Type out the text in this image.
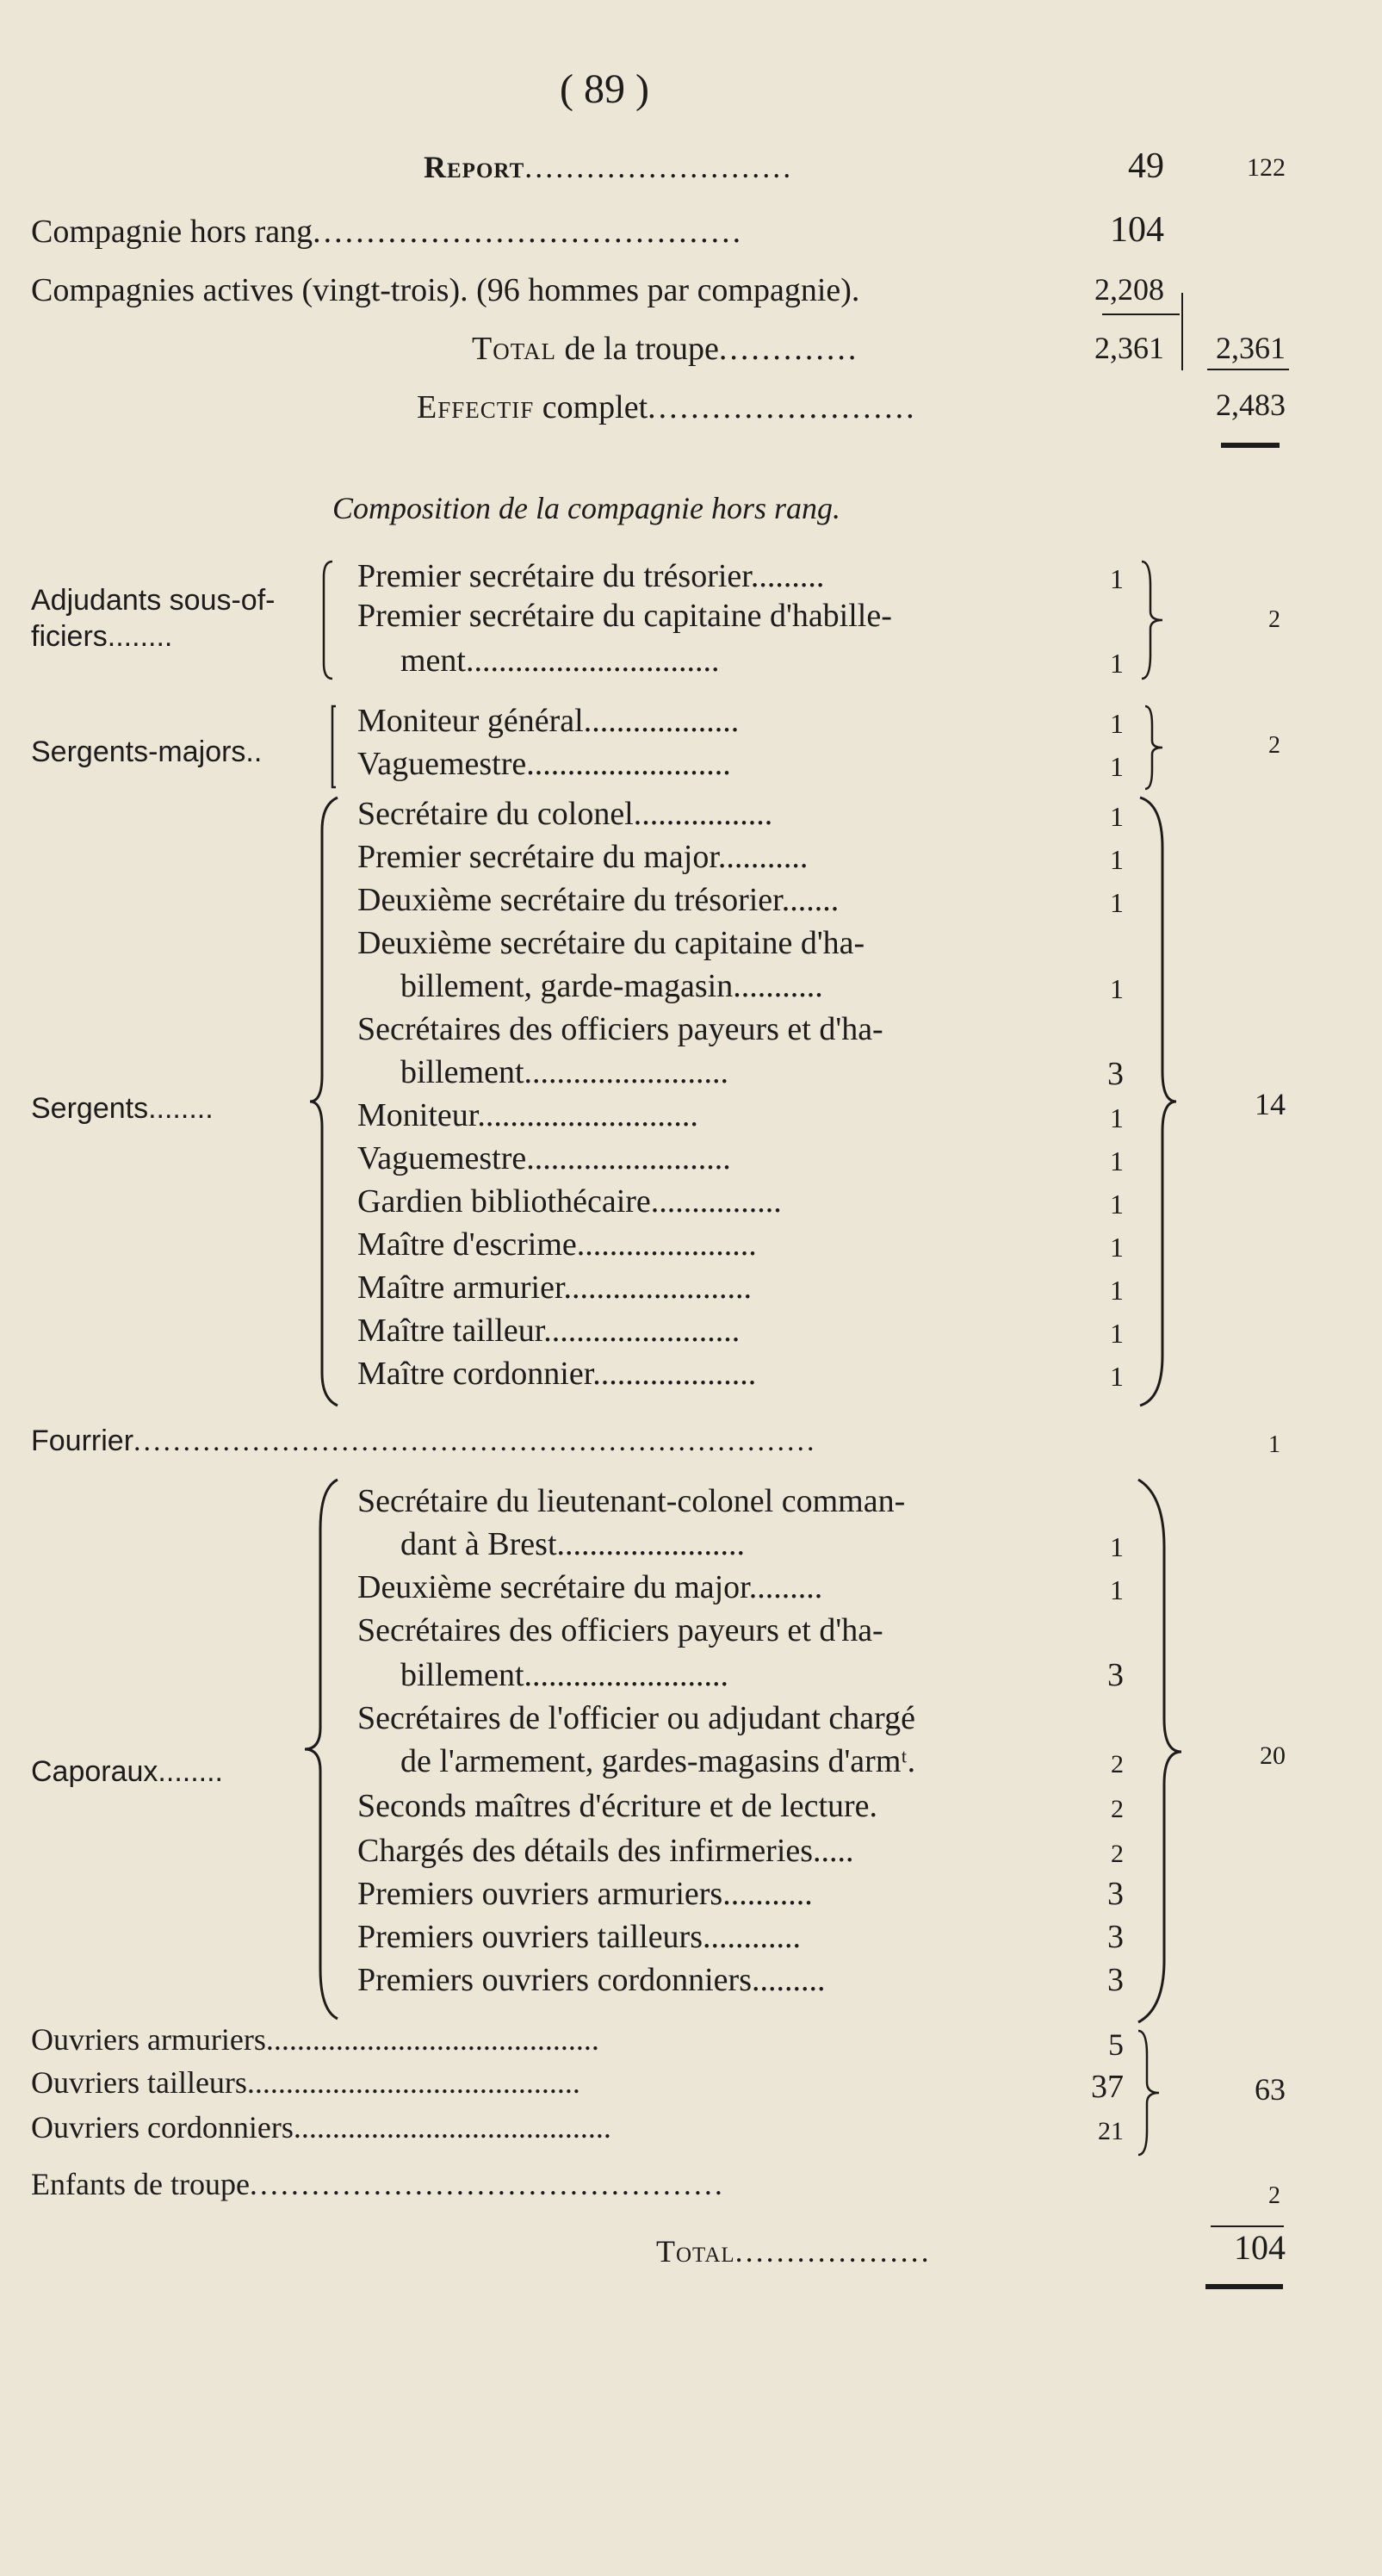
( 89 )
Report..........................	49	122
Compagnie hors rang........................................	104
Compagnies actives (vingt-trois). (96 hommes par compagnie).	2,208
Total de la troupe.............	2,361 2,361
Effectif complet.........................	2,483
Composition de la compagnie hors rang.
Adjudants sous-of-
ficiers........
Premier secrétaire du trésorier.........	1
Premier secrétaire du capitaine d'habille-
ment...............................	1
2
Sergents-majors..
Moniteur général...................	1
Vaguemestre.........................	1
2
Sergents........
Secrétaire du colonel.................	1
Premier secrétaire du major...........	1
Deuxième secrétaire du trésorier.......	1
Deuxième secrétaire du capitaine d'ha-
billement, garde-magasin...........	1
Secrétaires des officiers payeurs et d'ha-
billement.........................	3
Moniteur...........................	1
Vaguemestre.........................	1
Gardien bibliothécaire................	1
Maître d'escrime......................	1
Maître armurier.......................	1
Maître tailleur........................	1
Maître cordonnier....................	1
14
Fourrier.....................................................................	1
Caporaux........
Secrétaire du lieutenant-colonel comman-
dant à Brest.......................	1
Deuxième secrétaire du major.........	1
Secrétaires des officiers payeurs et d'ha-
billement.........................	3
Secrétaires de l'officier ou adjudant chargé
de l'armement, gardes-magasins d'armᵗ.	2
Seconds maîtres d'écriture et de lecture.	2
Chargés des détails des infirmeries.....	2
Premiers ouvriers armuriers...........	3
Premiers ouvriers tailleurs............	3
Premiers ouvriers cordonniers.........	3
20
Ouvriers armuriers...........................................	5
Ouvriers tailleurs...........................................	37
Ouvriers cordonniers.........................................	21
63
Enfants de troupe..............................................	2
Total...................	104
